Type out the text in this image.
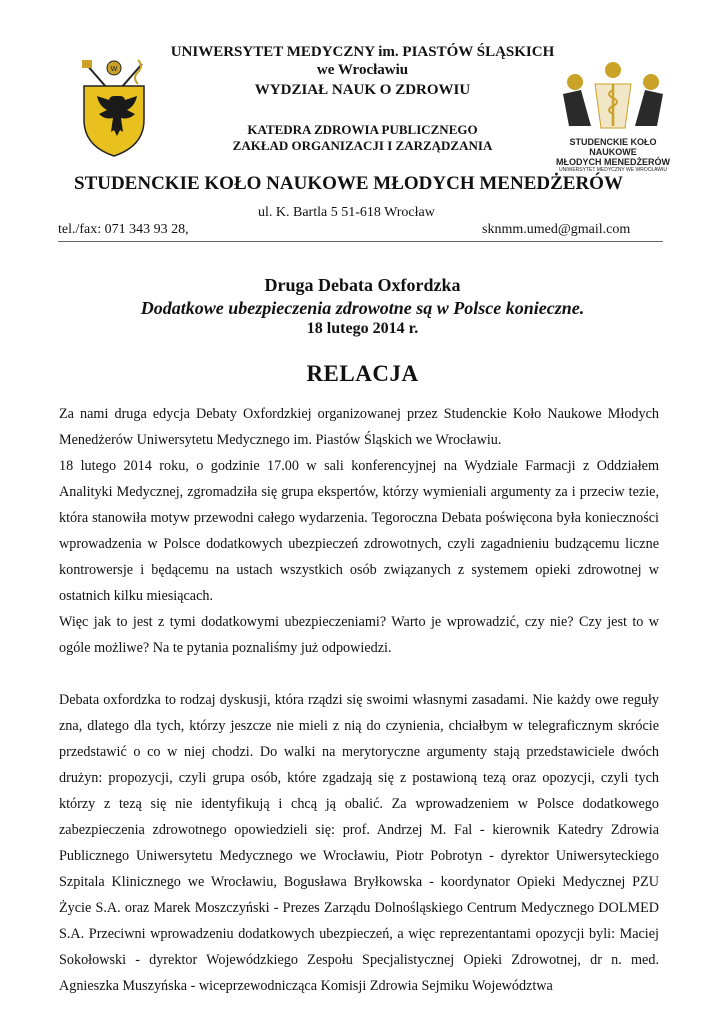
W
STUDENCKIE KOŁO NAUKOWE
MŁODYCH MENEDŻERÓW
UNIWERSYTET MEDYCZNY WE WROCŁAWIU
UNIWERSYTET MEDYCZNY im. PIASTÓW ŚLĄSKICH
we Wrocławiu
WYDZIAŁ NAUK O ZDROWIU
KATEDRA ZDROWIA PUBLICZNEGO
ZAKŁAD ORGANIZACJI I ZARZĄDZANIA
STUDENCKIE KOŁO NAUKOWE MŁODYCH MENEDŻERÓW
ul. K. Bartla 5 51-618 Wrocław
tel./fax: 071 343 93 28,	sknmm.umed@gmail.com
Druga Debata Oxfordzka
Dodatkowe ubezpieczenia zdrowotne są w Polsce konieczne.
18 lutego 2014 r.
RELACJA

Za nami druga edycja Debaty Oxfordzkiej organizowanej przez Studenckie Koło Naukowe Młodych Menedżerów Uniwersytetu Medycznego im. Piastów Śląskich we Wrocławiu.

18 lutego 2014 roku, o godzinie 17.00 w sali konferencyjnej na Wydziale Farmacji z Oddziałem Analityki Medycznej, zgromadziła się grupa ekspertów, którzy wymieniali argumenty za i przeciw tezie, która stanowiła motyw przewodni całego wydarzenia. Tegoroczna Debata poświęcona była konieczności wprowadzenia w Polsce dodatkowych ubezpieczeń zdrowotnych, czyli zagadnieniu budzącemu liczne kontrowersje i będącemu na ustach wszystkich osób związanych z systemem opieki zdrowotnej w ostatnich kilku miesiącach.

Więc jak to jest z tymi dodatkowymi ubezpieczeniami? Warto je wprowadzić, czy nie? Czy jest to w ogóle możliwe? Na te pytania poznaliśmy już odpowiedzi.

Debata oxfordzka to rodzaj dyskusji, która rządzi się swoimi własnymi zasadami. Nie każdy owe reguły zna, dlatego dla tych, którzy jeszcze nie mieli z nią do czynienia, chciałbym w telegraficznym skrócie przedstawić o co w niej chodzi. Do walki na merytoryczne argumenty stają przedstawiciele dwóch drużyn: propozycji, czyli grupa osób, które zgadzają się z postawioną tezą oraz opozycji, czyli tych którzy z tezą się nie identyfikują i chcą ją obalić. Za wprowadzeniem w Polsce dodatkowego zabezpieczenia zdrowotnego opowiedzieli się: prof. Andrzej M. Fal - kierownik Katedry Zdrowia Publicznego Uniwersytetu Medycznego we Wrocławiu, Piotr Pobrotyn - dyrektor Uniwersyteckiego Szpitala Klinicznego we Wrocławiu, Bogusława Bryłkowska - koordynator Opieki Medycznej PZU Życie S.A. oraz Marek Moszczyński - Prezes Zarządu Dolnośląskiego Centrum Medycznego DOLMED S.A. Przeciwni wprowadzeniu dodatkowych ubezpieczeń, a więc reprezentantami opozycji byli: Maciej Sokołowski - dyrektor Wojewódzkiego Zespołu Specjalistycznej Opieki Zdrowotnej, dr n. med. Agnieszka Muszyńska - wiceprzewodnicząca Komisji Zdrowia Sejmiku Województwa
